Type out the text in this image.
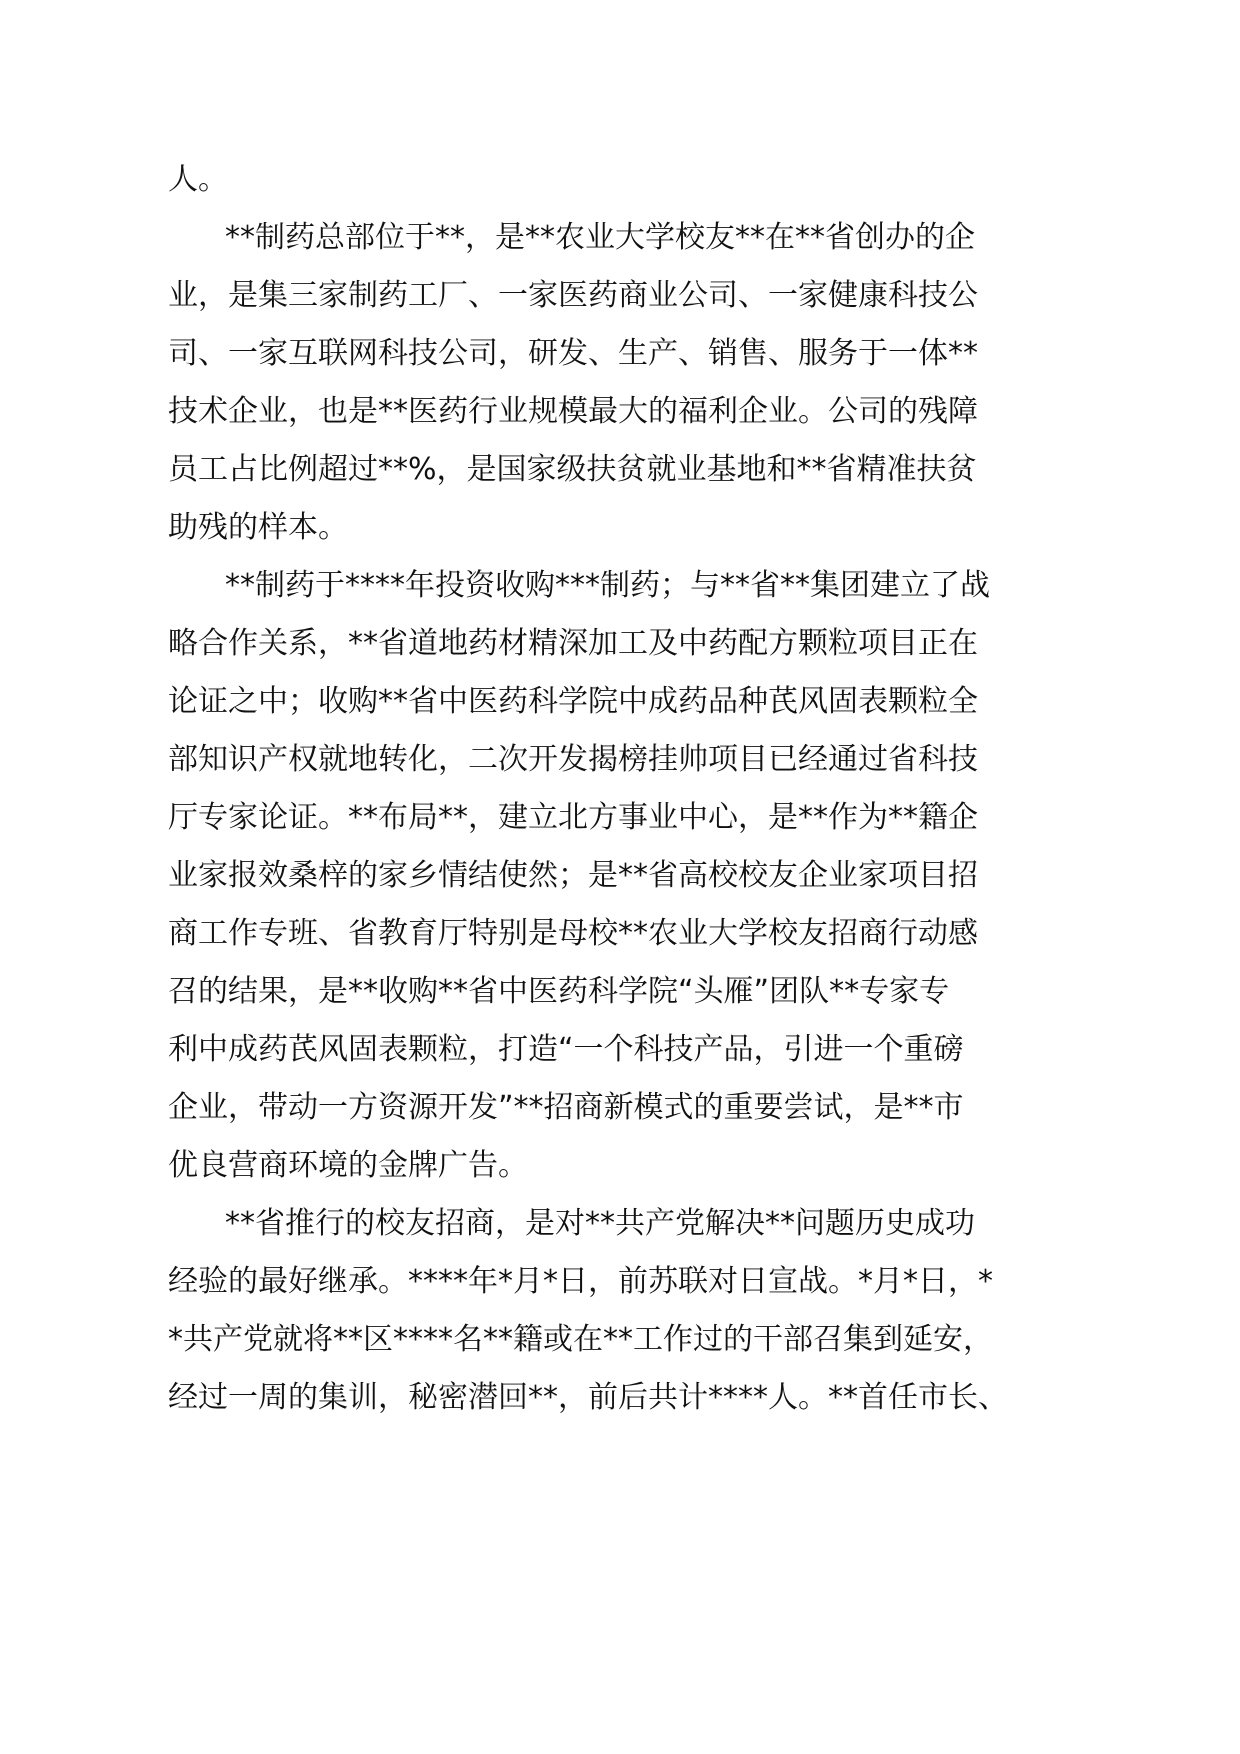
人。
**制药总部位于**，是**农业大学校友**在**省创办的企
业，是集三家制药工厂、一家医药商业公司、一家健康科技公
司、一家互联网科技公司，研发、生产、销售、服务于一体**
技术企业，也是**医药行业规模最大的福利企业。公司的残障
员工占比例超过**%，是国家级扶贫就业基地和**省精准扶贫
助残的样本。
**制药于****年投资收购***制药；与**省**集团建立了战
略合作关系，**省道地药材精深加工及中药配方颗粒项目正在
论证之中；收购**省中医药科学院中成药品种芪风固表颗粒全
部知识产权就地转化，二次开发揭榜挂帅项目已经通过省科技
厅专家论证。**布局**，建立北方事业中心，是**作为**籍企
业家报效桑梓的家乡情结使然；是**省高校校友企业家项目招
商工作专班、省教育厅特别是母校**农业大学校友招商行动感
召的结果，是**收购**省中医药科学院“头雁”团队**专家专
利中成药芪风固表颗粒，打造“一个科技产品，引进一个重磅
企业，带动一方资源开发”**招商新模式的重要尝试，是**市
优良营商环境的金牌广告。
**省推行的校友招商，是对**共产党解决**问题历史成功
经验的最好继承。****年*月*日，前苏联对日宣战。*月*日，*
*共产党就将**区****名**籍或在**工作过的干部召集到延安，
经过一周的集训，秘密潜回**，前后共计****人。**首任市长、
